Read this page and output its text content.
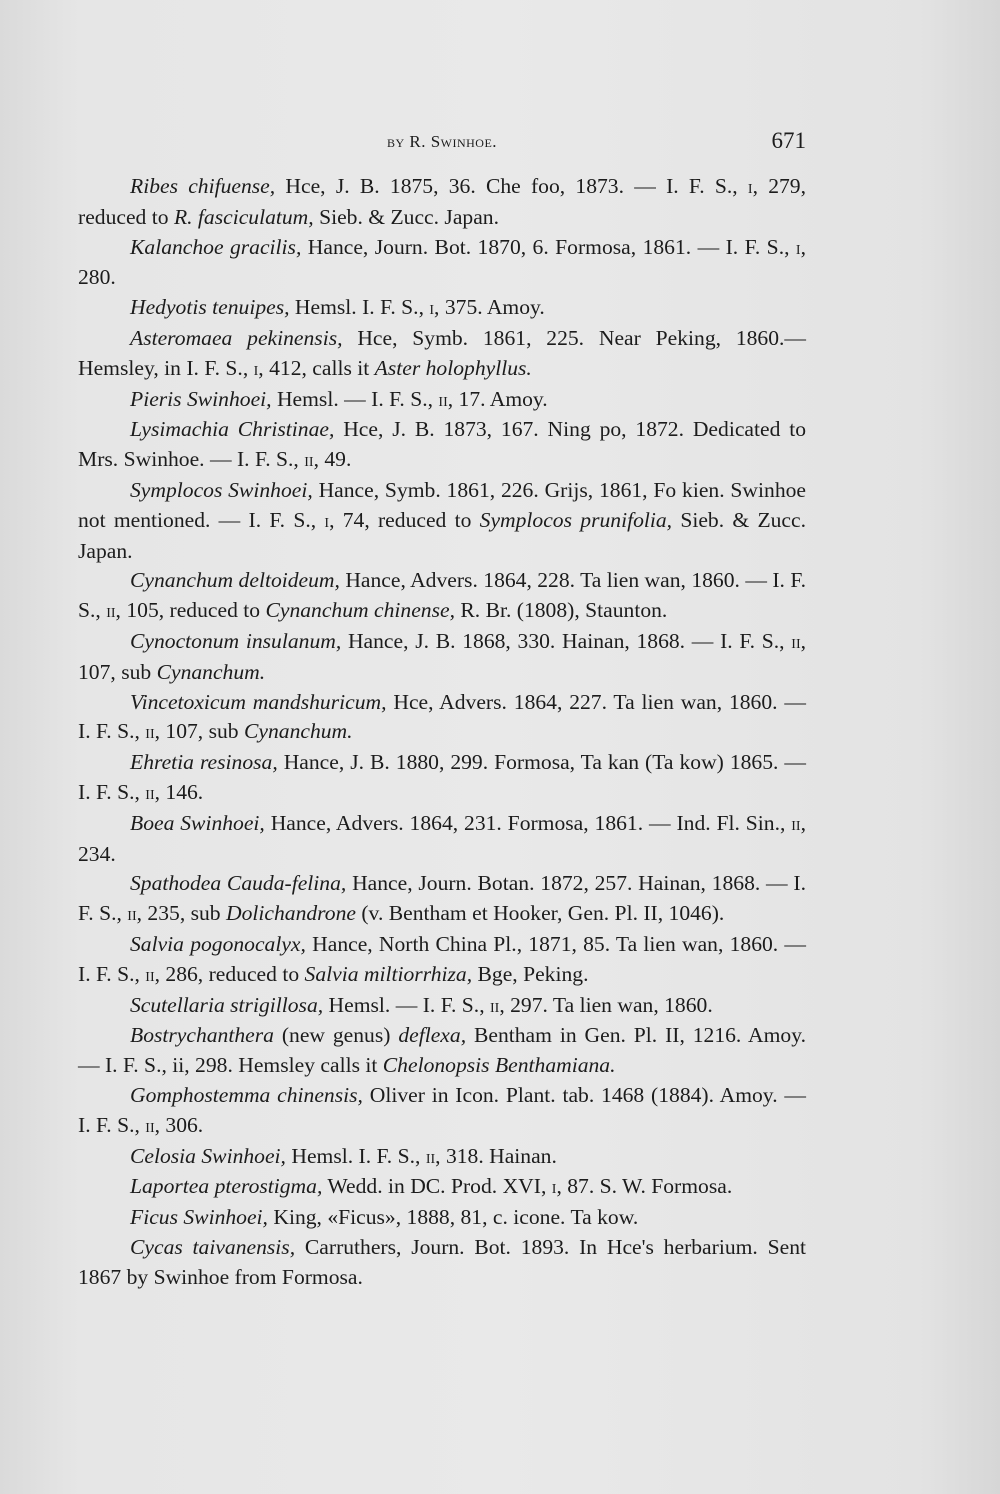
by R. Swinhoe.	671

Ribes chifuense, Hce, J. B. 1875, 36. Che foo, 1873. — I. F. S., i, 279, reduced to R. fasciculatum, Sieb. & Zucc. Japan.

Kalanchoe gracilis, Hance, Journ. Bot. 1870, 6. Formosa, 1861. — I. F. S., i, 280.

Hedyotis tenuipes, Hemsl. I. F. S., i, 375. Amoy.

Asteromaea pekinensis, Hce, Symb. 1861, 225. Near Peking, 1860.— Hemsley, in I. F. S., i, 412, calls it Aster holophyllus.

Pieris Swinhoei, Hemsl. — I. F. S., ii, 17. Amoy.

Lysimachia Christinae, Hce, J. B. 1873, 167. Ning po, 1872. Dedicated to Mrs. Swinhoe. — I. F. S., ii, 49.

Symplocos Swinhoei, Hance, Symb. 1861, 226. Grijs, 1861, Fo kien. Swinhoe not mentioned. — I. F. S., i, 74, reduced to Symplocos prunifolia, Sieb. & Zucc. Japan.

Cynanchum deltoideum, Hance, Advers. 1864, 228. Ta lien wan, 1860. — I. F. S., ii, 105, reduced to Cynanchum chinense, R. Br. (1808), Staunton.

Cynoctonum insulanum, Hance, J. B. 1868, 330. Hainan, 1868. — I. F. S., ii, 107, sub Cynanchum.

Vincetoxicum mandshuricum, Hce, Advers. 1864, 227. Ta lien wan, 1860. — I. F. S., ii, 107, sub Cynanchum.

Ehretia resinosa, Hance, J. B. 1880, 299. Formosa, Ta kan (Ta kow) 1865. — I. F. S., ii, 146.

Boea Swinhoei, Hance, Advers. 1864, 231. Formosa, 1861. — Ind. Fl. Sin., ii, 234.

Spathodea Cauda-felina, Hance, Journ. Botan. 1872, 257. Hainan, 1868. — I. F. S., ii, 235, sub Dolichandrone (v. Bentham et Hooker, Gen. Pl. II, 1046).

Salvia pogonocalyx, Hance, North China Pl., 1871, 85. Ta lien wan, 1860. — I. F. S., ii, 286, reduced to Salvia miltiorrhiza, Bge, Peking.

Scutellaria strigillosa, Hemsl. — I. F. S., ii, 297. Ta lien wan, 1860.

Bostrychanthera (new genus) deflexa, Bentham in Gen. Pl. II, 1216. Amoy. — I. F. S., ii, 298. Hemsley calls it Chelonopsis Benthamiana.

Gomphostemma chinensis, Oliver in Icon. Plant. tab. 1468 (1884). Amoy. — I. F. S., ii, 306.

Celosia Swinhoei, Hemsl. I. F. S., ii, 318. Hainan.

Laportea pterostigma, Wedd. in DC. Prod. XVI, i, 87. S. W. Formosa.

Ficus Swinhoei, King, «Ficus», 1888, 81, c. icone. Ta kow.

Cycas taivanensis, Carruthers, Journ. Bot. 1893. In Hce's herbarium. Sent 1867 by Swinhoe from Formosa.
